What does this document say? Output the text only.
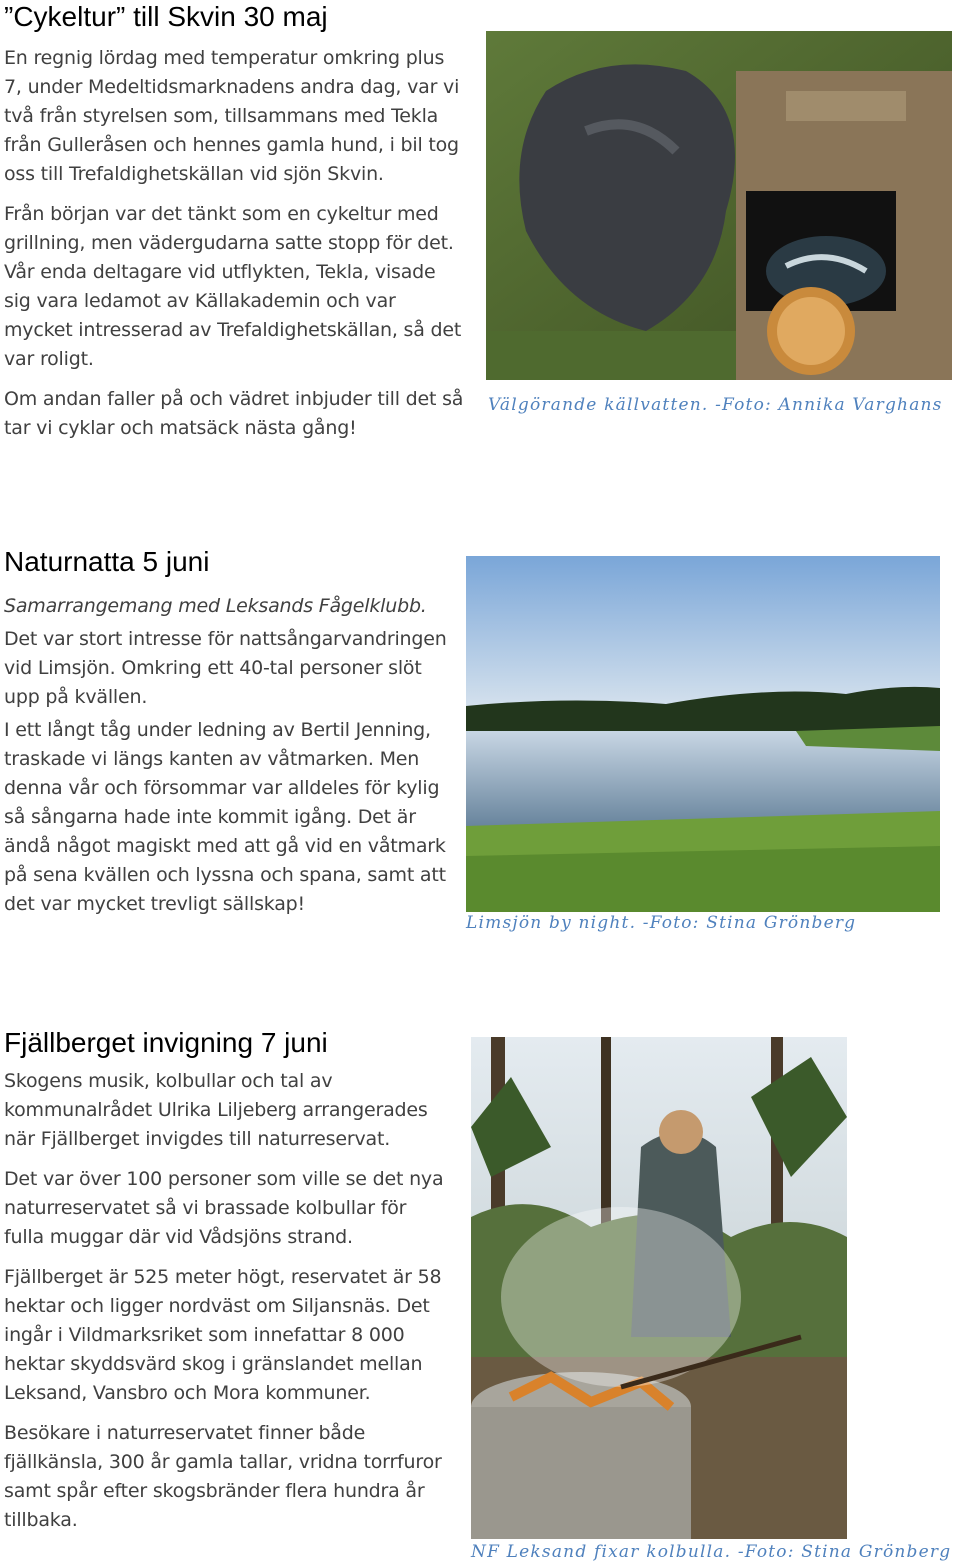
”Cykeltur” till Skvin 30 maj

En regnig lördag med temperatur omkring plus 7, under Medeltidsmarknadens andra dag, var vi två från styrelsen som, tillsammans med Tekla från Gulleråsen och hennes gamla hund, i bil tog oss till Trefaldighetskällan vid sjön Skvin.

Från början var det tänkt som en cykeltur med grillning, men vädergudarna satte stopp för det. Vår enda deltagare vid utflykten, Tekla, visade sig vara ledamot av Källakademin och var mycket intresserad av Trefaldighetskällan, så det var roligt.

Om andan faller på och vädret inbjuder till det så tar vi cyklar och matsäck nästa gång!

Välgörande källvatten. -Foto: Annika Varghans
Naturnatta 5 juni

Samarrangemang med Leksands Fågelklubb.

Det var stort intresse för nattsångarvandringen vid Limsjön. Omkring ett 40-tal personer slöt upp på kvällen.

I ett långt tåg under ledning av Bertil Jenning, traskade vi längs kanten av våtmarken. Men denna vår och försommar var alldeles för kylig så sångarna hade inte kommit igång. Det är ändå något magiskt med att gå vid en våtmark på sena kvällen och lyssna och spana, samt att det var mycket trevligt sällskap!

Limsjön by night. -Foto: Stina Grönberg
Fjällberget invigning 7 juni

Skogens musik, kolbullar och tal av kommunalrådet Ulrika Liljeberg arrangerades när Fjällberget invigdes till naturreservat.

Det var över 100 personer som ville se det nya naturreservatet så vi brassade kolbullar för fulla muggar där vid Vådsjöns strand.

Fjällberget är 525 meter högt, reservatet är 58 hektar och ligger nordväst om Siljansnäs. Det ingår i Vildmarksriket som innefattar 8 000 hektar skyddsvärd skog i gränslandet mellan Leksand, Vansbro och Mora kommuner.

Besökare i naturreservatet finner både fjällkänsla, 300 år gamla tallar, vridna torrfuror samt spår efter skogsbränder flera hundra år tillbaka.

NF Leksand fixar kolbulla. -Foto: Stina Grönberg
